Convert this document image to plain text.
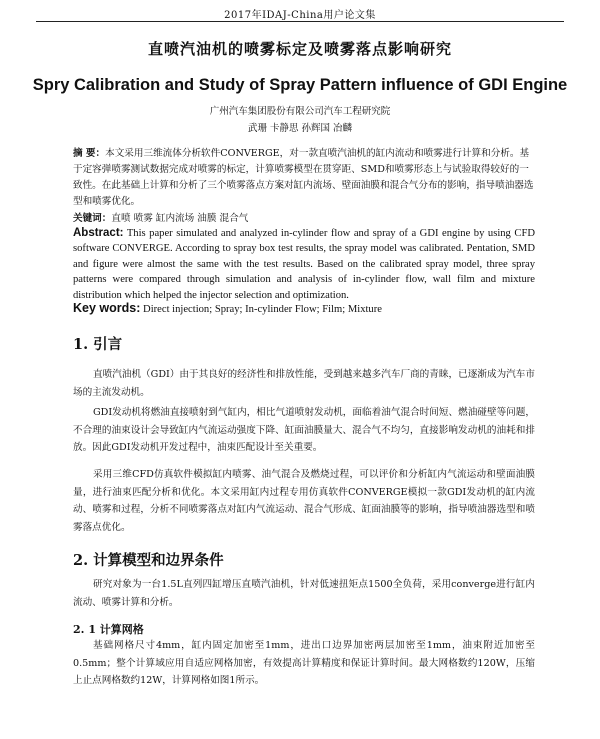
2017年IDAJ-China用户论文集
直喷汽油机的喷雾标定及喷雾落点影响研究
Spry Calibration and Study of Spray Pattern influence of GDI Engine
广州汽车集团股份有限公司汽车工程研究院
武珊 卡静思 孙辉国 冶麟
摘 要：本文采用三维流体分析软件CONVERGE，对一款直喷汽油机的缸内流动和喷雾进行计算和分析。基于定容弹喷雾测试数据完成对喷雾的标定，计算喷雾模型在贯穿距、SMD和喷雾形态上与试验取得较好的一致性。在此基础上计算和分析了三个喷雾落点方案对缸内流场、壁面油膜和混合气分布的影响，指导喷油器选型和喷雾优化。
关键词：直喷 喷雾 缸内流场 油膜 混合气
Abstract: This paper simulated and analyzed in-cylinder flow and spray of a GDI engine by using CFD software CONVERGE. According to spray box test results, the spray model was calibrated. Pentation, SMD and figure were almost the same with the test results. Based on the calibrated spray model, three spray patterns were compared through simulation and analysis of in-cylinder flow, wall film and mixture distribution which helped the injector selection and optimization.
Key words: Direct injection; Spray; In-cylinder Flow; Film; Mixture
1. 引言
直喷汽油机（GDI）由于其良好的经济性和排放性能，受到越来越多汽车厂商的青睐，已逐渐成为汽车市场的主流发动机。
GDI发动机将燃油直接喷射到气缸内，相比气道喷射发动机，面临着油气混合时间短、燃油碰壁等问题，不合理的油束设计会导致缸内气流运动强度下降、缸面油膜量大、混合气不均匀，直接影响发动机的油耗和排放。因此GDI发动机开发过程中，油束匹配设计至关重要。
采用三维CFD仿真软件模拟缸内喷雾、油气混合及燃烧过程，可以评价和分析缸内气流运动和壁面油膜量，进行油束匹配分析和优化。本文采用缸内过程专用仿真软件CONVERGE模拟一款GDI发动机的缸内流动、喷雾和过程，分析不同喷雾落点对缸内气流运动、混合气形成、缸面油膜等的影响，指导喷油器选型和喷雾落点优化。
2. 计算模型和边界条件
研究对象为一台1.5L直列四缸增压直喷汽油机，针对低速扭矩点1500全负荷，采用converge进行缸内流动、喷雾计算和分析。
2. 1 计算网格
基础网格尺寸4mm，缸内固定加密至1mm，进出口边界加密两层加密至1mm，油束附近加密至0.5mm；整个计算域应用自适应网格加密，有效提高计算精度和保证计算时间。最大网格数约120W，压缩上止点网格数约12W，计算网格如图1所示。
